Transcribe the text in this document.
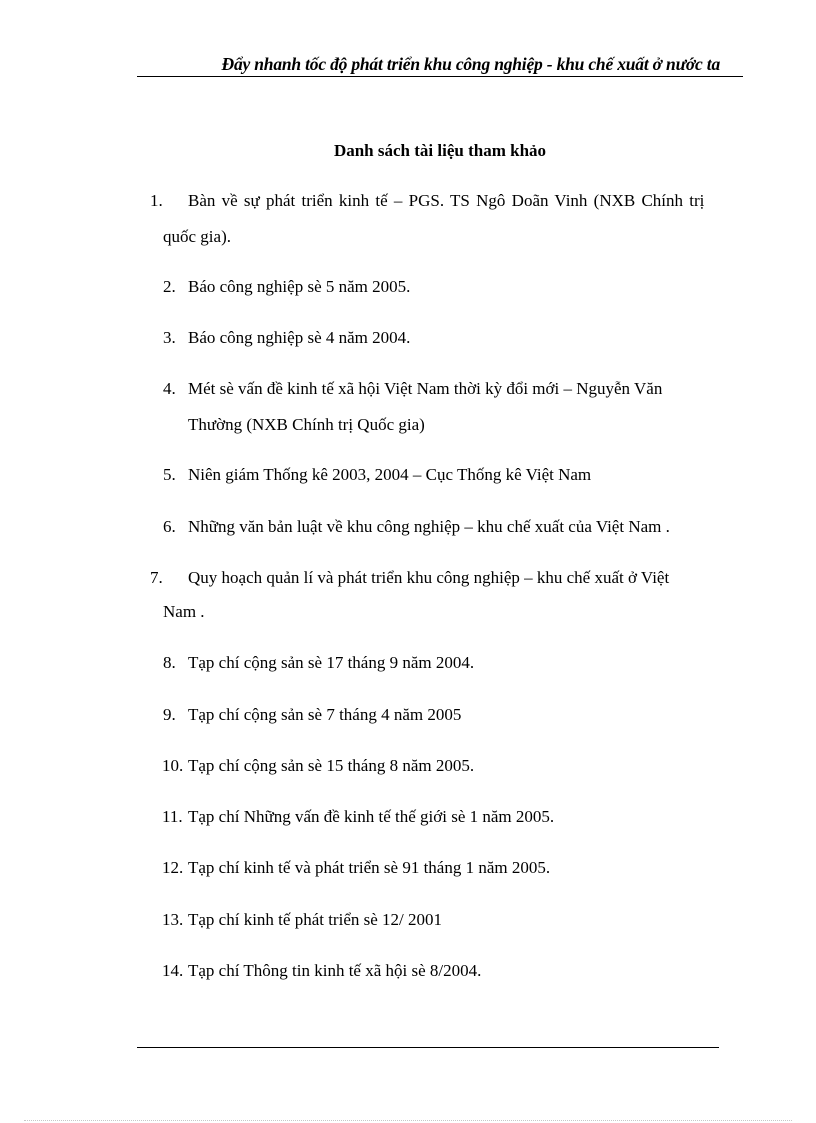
Đẩy nhanh tốc độ phát triển khu công nghiệp - khu chế xuất ở nước ta
Danh sách tài liệu tham khảo
1. Bàn về sự phát triển kinh tế – PGS. TS Ngô Doãn Vinh (NXB Chính trị
quốc gia).
2. Báo công nghiệp sè 5 năm 2005.
3. Báo công nghiệp sè 4 năm 2004.
4. Mét sè vấn đề kinh tế xã hội Việt Nam thời kỳ đổi mới – Nguyễn Văn
Thường (NXB Chính trị Quốc gia)
5. Niên giám Thống kê 2003, 2004 – Cục Thống kê Việt Nam
6. Những văn bản luật về khu công nghiệp – khu chế xuất của Việt Nam .
7. Quy hoạch quản lí và phát triển khu công nghiệp – khu chế xuất ở Việt
Nam .
8. Tạp chí cộng sản sè 17 tháng 9 năm 2004.
9. Tạp chí cộng sản sè 7 tháng 4 năm 2005
10. Tạp chí cộng sản sè 15 tháng 8 năm 2005.
11. Tạp chí Những vấn đề kinh tế thế giới sè 1 năm 2005.
12. Tạp chí kinh tế và phát triển sè 91 tháng 1 năm 2005.
13. Tạp chí kinh tế phát triển sè 12/ 2001
14. Tạp chí Thông tin kinh tế xã hội sè 8/2004.
